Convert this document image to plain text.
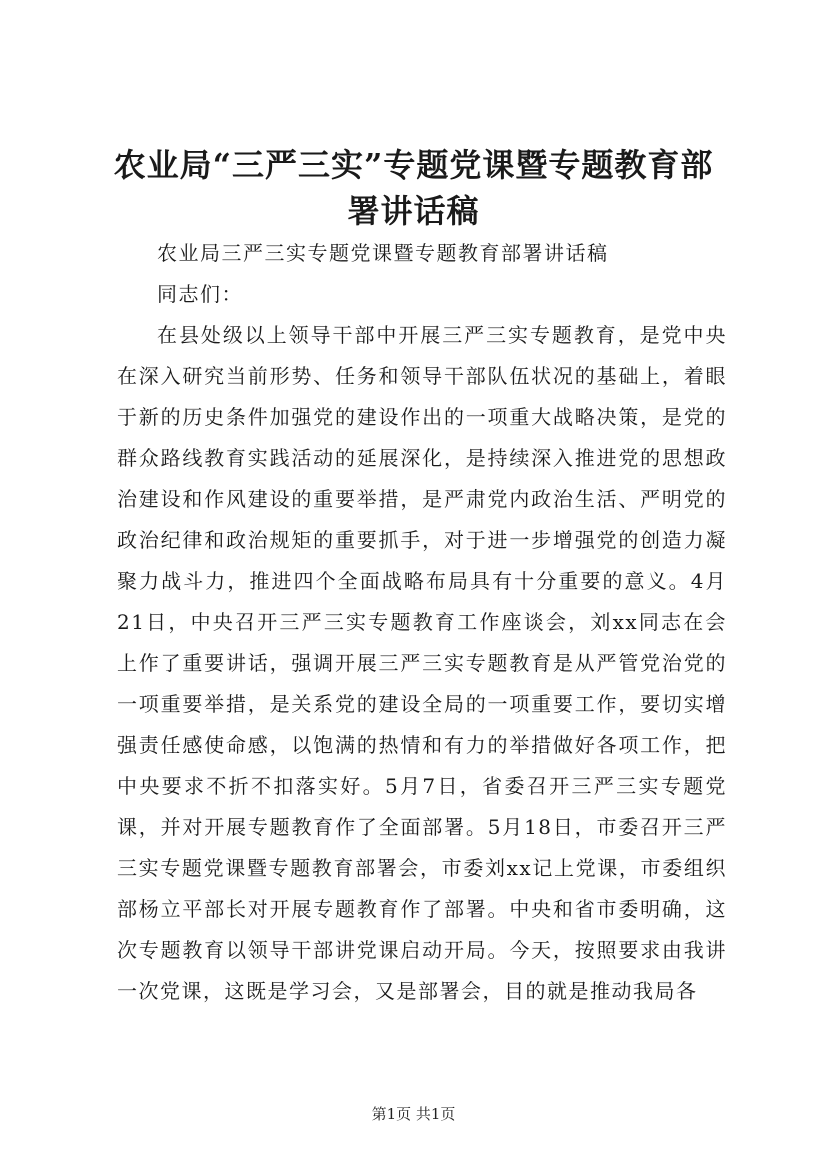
农业局“三严三实”专题党课暨专题教育部署讲话稿

农业局三严三实专题党课暨专题教育部署讲话稿

同志们：

在县处级以上领导干部中开展三严三实专题教育，是党中央在深入研究当前形势、任务和领导干部队伍状况的基础上，着眼于新的历史条件加强党的建设作出的一项重大战略决策，是党的群众路线教育实践活动的延展深化，是持续深入推进党的思想政治建设和作风建设的重要举措，是严肃党内政治生活、严明党的政治纪律和政治规矩的重要抓手，对于进一步增强党的创造力凝聚力战斗力，推进四个全面战略布局具有十分重要的意义。4月21日，中央召开三严三实专题教育工作座谈会，刘xx同志在会上作了重要讲话，强调开展三严三实专题教育是从严管党治党的一项重要举措，是关系党的建设全局的一项重要工作，要切实增强责任感使命感，以饱满的热情和有力的举措做好各项工作，把中央要求不折不扣落实好。5月7日，省委召开三严三实专题党课，并对开展专题教育作了全面部署。5月18日，市委召开三严三实专题党课暨专题教育部署会，市委刘xx记上党课，市委组织部杨立平部长对开展专题教育作了部署。中央和省市委明确，这次专题教育以领导干部讲党课启动开局。今天，按照要求由我讲一次党课，这既是学习会，又是部署会，目的就是推动我局各

第1页 共1页
